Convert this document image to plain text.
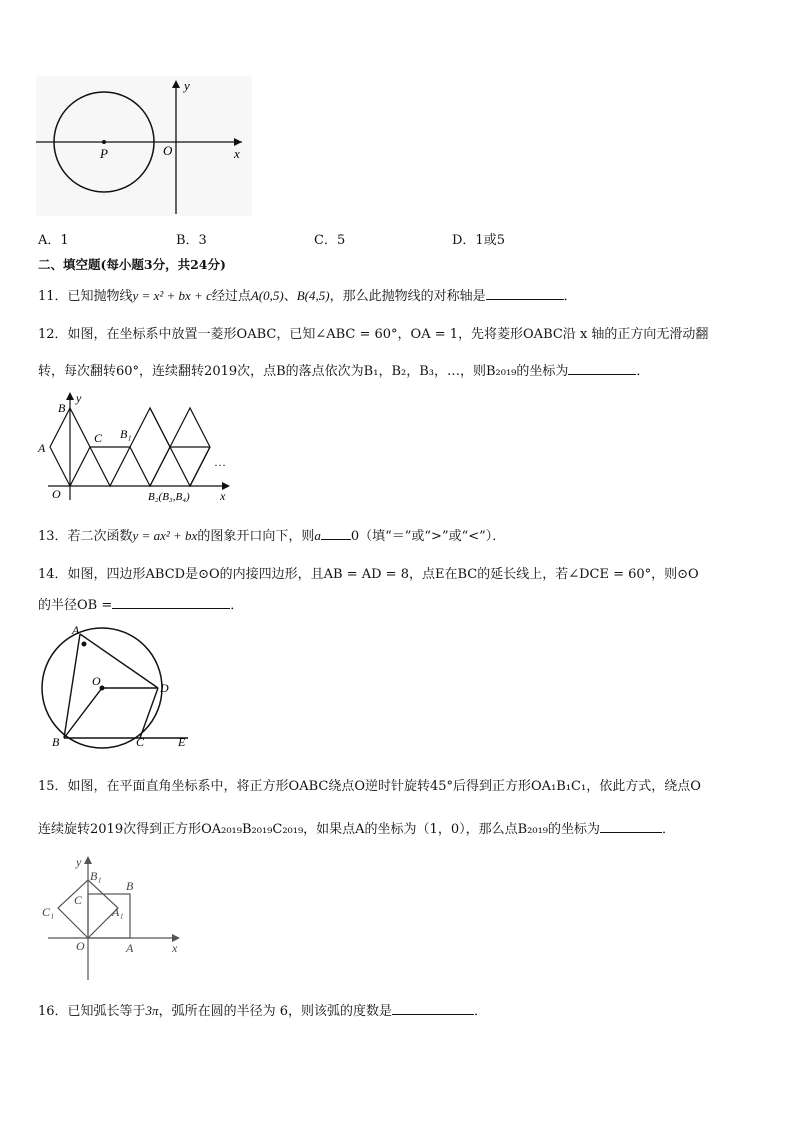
y
x
P	O
A．1	B．3	C．5	D．1或5
二、填空题(每小题3分，共24分)
11．已知抛物线y = x² + bx + c经过点A(0,5)、B(4,5)，那么此抛物线的对称轴是	．
12．如图，在坐标系中放置一菱形OABC，已知∠ABC = 60°，OA = 1，先将菱形OABC沿 x 轴的正方向无滑动翻
转，每次翻转60°，连续翻转2019次，点B的落点依次为B₁，B₂，B₃，…，则B₂₀₁₉的坐标为	．
y
B
A
C B₁
O	B₂(B₃,B₄)	x
…
13．若二次函数y = ax² + bx的图象开口向下，则a 0（填“＝”或“>”或“<”）．
14．如图，四边形ABCD是⊙O的内接四边形，且AB = AD = 8，点E在BC的延长线上，若∠DCE = 60°，则⊙O
的半径OB =	．
A
O	D
B	C	E
15．如图，在平面直角坐标系中，将正方形OABC绕点O逆时针旋转45°后得到正方形OA₁B₁C₁，依此方式，绕点O
连续旋转2019次得到正方形OA₂₀₁₉B₂₀₁₉C₂₀₁₉，如果点A的坐标为（1，0），那么点B₂₀₁₉的坐标为	．
y
B₁
B
C
C₁	A₁
O	A	x
16．已知弧长等于3π，弧所在圆的半径为 6，则该弧的度数是	．
